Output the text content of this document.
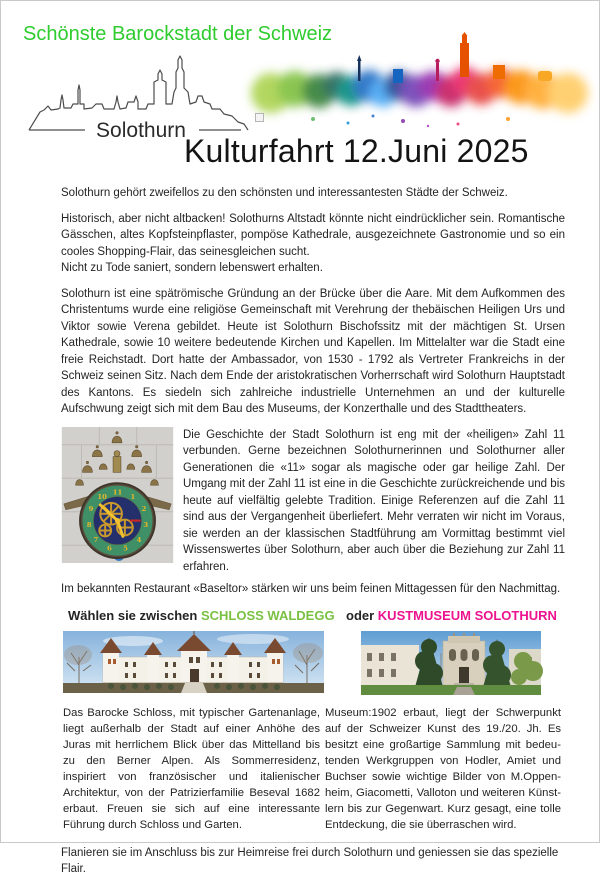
Schönste Barockstadt der Schweiz
Solothurn
Kulturfahrt 12.Juni 2025

Solothurn gehört zweifellos zu den schönsten und interessantesten Städte der Schweiz.

Historisch, aber nicht altbacken! Solothurns Altstadt könnte nicht eindrücklicher sein. Romantische Gässchen, altes Kopfsteinpflaster, pompöse Kathedrale, ausgezeichnete Gastronomie und so ein cooles Shopping-Flair, das seinesgleichen sucht.
Nicht zu Tode saniert, sondern lebenswert erhalten.

Solothurn ist eine spätrömische Gründung an der Brücke über die Aare. Mit dem Aufkommen des Christentums wurde eine religiöse Gemeinschaft mit Verehrung der thebäischen Heiligen Urs und Viktor sowie Verena gebildet. Heute ist Solothurn Bischofssitz mit der mächtigen St. Ursen Kathedrale, sowie 10 weitere bedeutende Kirchen und Kapellen. Im Mittelalter war die Stadt eine freie Reichstadt. Dort hatte der Ambassador, von 1530 - 1792 als Vertreter Frankreichs in der Schweiz seinen Sitz. Nach dem Ende der aristokratischen Vorherrschaft wird Solothurn Hauptstadt des Kantons. Es siedeln sich zahlreiche industrielle Unternehmen an und der kulturelle Aufschwung zeigt sich mit dem Bau des Museums, der Konzerthalle und des Stadttheaters.

11
1
2
3
4
5
6
7
8
9
10

Die Geschichte der Stadt Solothurn ist eng mit der «heiligen» Zahl 11 verbunden. Gerne bezeichnen Solothurnerinnen und Solothurner aller Generationen die «11» sogar als magische oder gar heilige Zahl. Der Umgang mit der Zahl 11 ist eine in die Geschichte zurückreichende und bis heute auf vielfältig gelebte Tradition. Einige Referenzen auf die Zahl 11 sind aus der Vergangenheit überliefert. Mehr verraten wir nicht im Voraus, sie werden an der klassischen Stadtführung am Vormittag bestimmt viel Wissenswertes über Solothurn, aber auch über die Beziehung zur Zahl 11 erfahren.

Im bekannten Restaurant «Baseltor» stärken wir uns beim feinen Mittagessen für den Nachmittag.
Wählen sie zwischen SCHLOSS WALDEGG oder KUSTMUSEUM SOLOTHURN
Das Barocke Schloss, mit typischer Gartenanlage, liegt außerhalb der Stadt auf einer Anhöhe des Juras mit herrlichem Blick über das Mittelland bis zu den Berner Alpen. Als Sommerresidenz, inspiriert von französischer und italienischer Architektur, von der Patrizierfamilie Beseval 1682 erbaut. Freuen sie sich auf eine interessante Führung durch Schloss und Garten.
Museum:1902 erbaut, liegt der Schwerpunkt auf der Schweizer Kunst des 19./20. Jh. Es besitzt eine großartige Sammlung mit bedeutenden Werkgruppen von Hodler, Amiet und Buchser sowie wichtige Bilder von M.Oppenheim, Giacometti, Valloton und weiteren Künstlern bis zur Gegenwart. Kurz gesagt, eine tolle Entdeckung, die sie überraschen wird.
Flanieren sie im Anschluss bis zur Heimreise frei durch Solothurn und geniessen sie das spezielle Flair.
